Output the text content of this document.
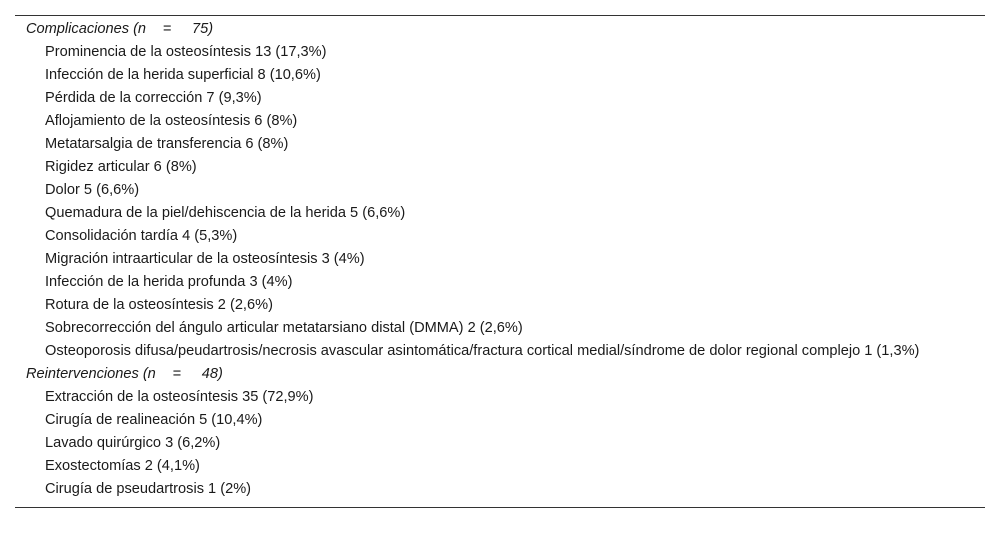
Complicaciones (n = 75)
Prominencia de la osteosíntesis 13 (17,3%)
Infección de la herida superficial 8 (10,6%)
Pérdida de la corrección 7 (9,3%)
Aflojamiento de la osteosíntesis 6 (8%)
Metatarsalgia de transferencia 6 (8%)
Rigidez articular 6 (8%)
Dolor 5 (6,6%)
Quemadura de la piel/dehiscencia de la herida 5 (6,6%)
Consolidación tardía 4 (5,3%)
Migración intraarticular de la osteosíntesis 3 (4%)
Infección de la herida profunda 3 (4%)
Rotura de la osteosíntesis 2 (2,6%)
Sobrecorrección del ángulo articular metatarsiano distal (DMMA) 2 (2,6%)
Osteoporosis difusa/peudartrosis/necrosis avascular asintomática/fractura cortical medial/síndrome de dolor regional complejo 1 (1,3%)
Reintervenciones (n = 48)
Extracción de la osteosíntesis 35 (72,9%)
Cirugía de realineación 5 (10,4%)
Lavado quirúrgico 3 (6,2%)
Exostectomías 2 (4,1%)
Cirugía de pseudartrosis 1 (2%)
